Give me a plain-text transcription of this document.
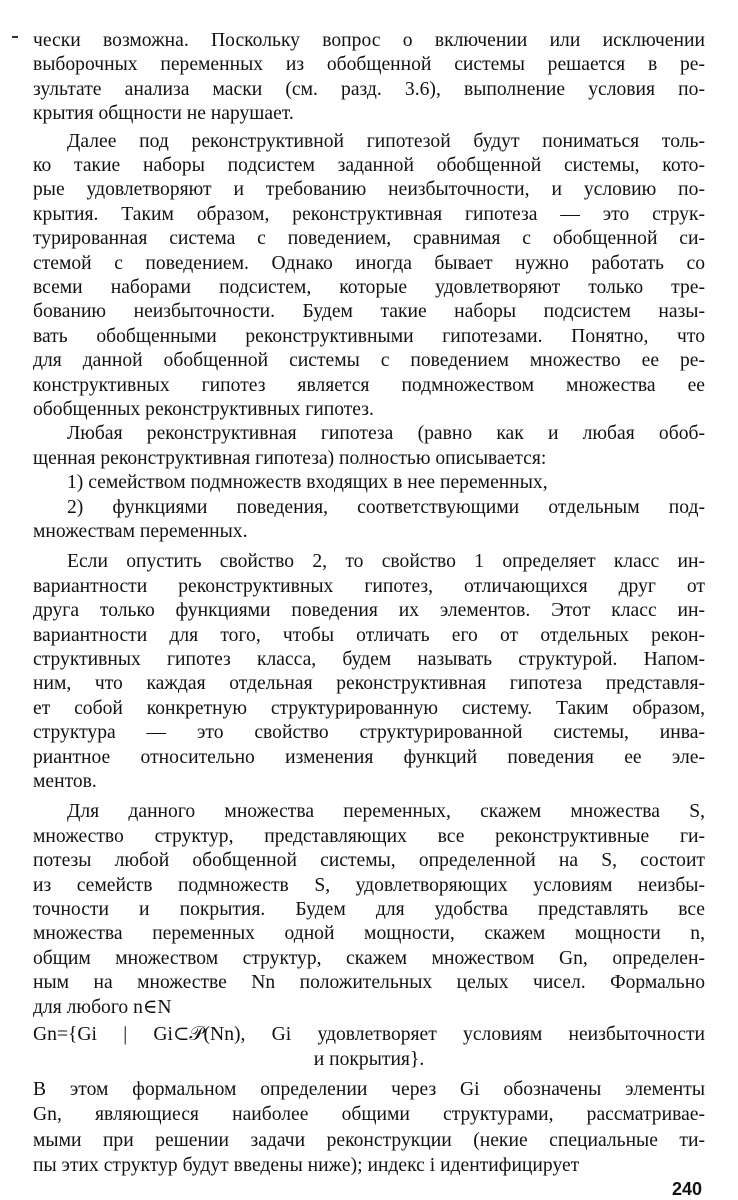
чески возможна. Поскольку вопрос о включении или исключении
выборочных переменных из обобщенной системы решается в ре-
зультате анализа маски (см. разд. 3.6), выполнение условия по-
крытия общности не нарушает.
Далее под реконструктивной гипотезой будут пониматься толь-
ко такие наборы подсистем заданной обобщенной системы, кото-
рые удовлетворяют и требованию неизбыточности, и условию по-
крытия. Таким образом, реконструктивная гипотеза — это струк-
турированная система с поведением, сравнимая с обобщенной си-
стемой с поведением. Однако иногда бывает нужно работать со
всеми наборами подсистем, которые удовлетворяют только тре-
бованию неизбыточности. Будем такие наборы подсистем назы-
вать обобщенными реконструктивными гипотезами. Понятно, что
для данной обобщенной системы с поведением множество ее ре-
конструктивных гипотез является подмножеством множества ее
обобщенных реконструктивных гипотез.
Любая реконструктивная гипотеза (равно как и любая обоб-
щенная реконструктивная гипотеза) полностью описывается:
1) семейством подмножеств входящих в нее переменных,
2) функциями поведения, соответствующими отдельным под-
множествам переменных.
Если опустить свойство 2, то свойство 1 определяет класс ин-
вариантности реконструктивных гипотез, отличающихся друг от
друга только функциями поведения их элементов. Этот класс ин-
вариантности для того, чтобы отличать его от отдельных рекон-
структивных гипотез класса, будем называть структурой. Напом-
ним, что каждая отдельная реконструктивная гипотеза представля-
ет собой конкретную структурированную систему. Таким образом,
структура — это свойство структурированной системы, инва-
риантное относительно изменения функций поведения ее эле-
ментов.
Для данного множества переменных, скажем множества S,
множество структур, представляющих все реконструктивные ги-
потезы любой обобщенной системы, определенной на S, состоит
из семейств подмножеств S, удовлетворяющих условиям неизбы-
точности и покрытия. Будем для удобства представлять все
множества переменных одной мощности, скажем мощности n,
общим множеством структур, скажем множеством Gn, определен-
ным на множестве Nn положительных целых чисел. Формально
для любого n∈N
Gn={Gi | Gi⊂𝒫(Nn), Gi удовлетворяет условиям неизбыточности
и покрытия}.
В этом формальном определении через Gi обозначены элементы
Gn, являющиеся наиболее общими структурами, рассматривае-
мыми при решении задачи реконструкции (некие специальные ти-
пы этих структур будут введены ниже); индекс i идентифицирует
240
